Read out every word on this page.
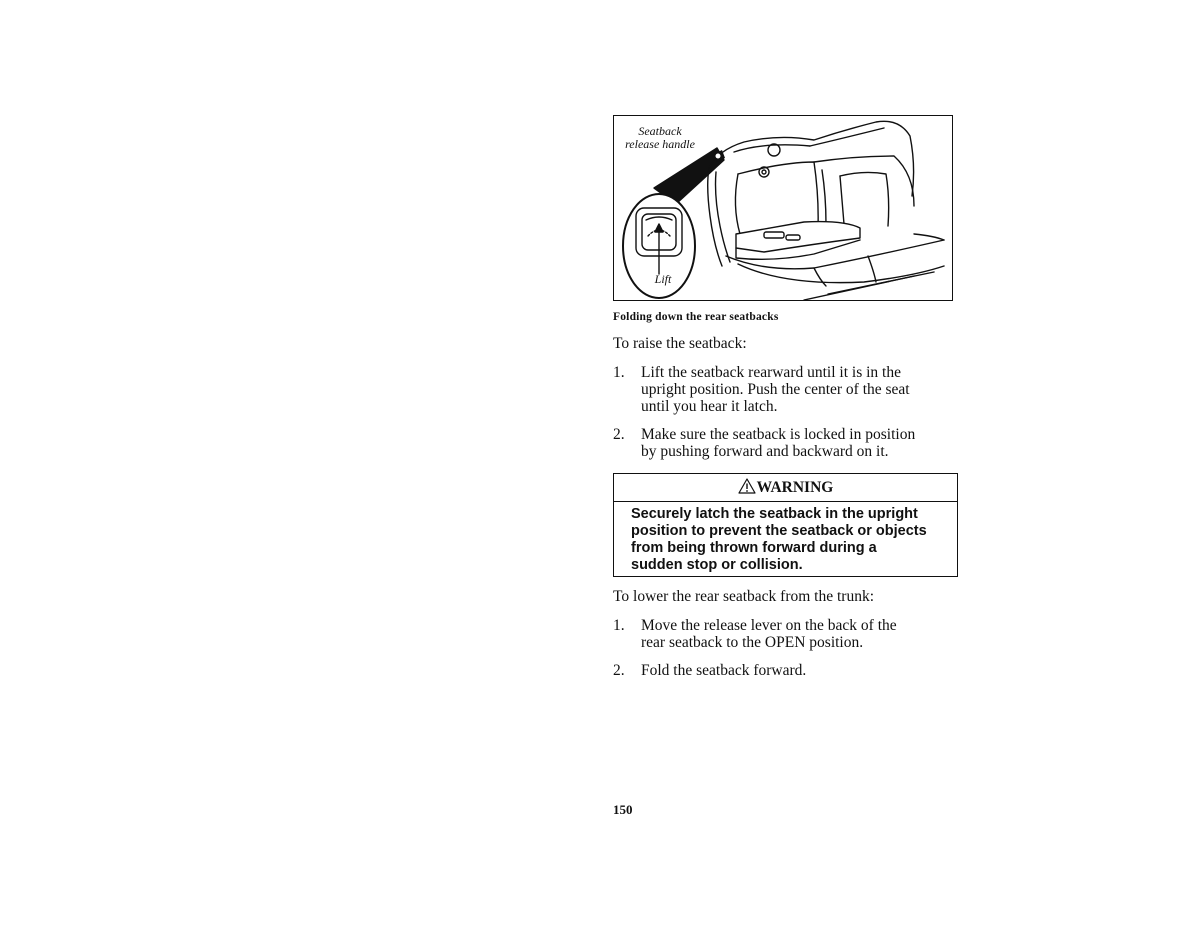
Seatback
release handle
Lift
Folding down the rear seatbacks

To raise the seatback:

1. Lift the seatback rearward until it is in the
upright position. Push the center of the seat
until you hear it latch.
2. Make sure the seatback is locked in position
by pushing forward and backward on it.
WARNING
Securely latch the seatback in the upright
position to prevent the seatback or objects
from being thrown forward during a
sudden stop or collision.

To lower the rear seatback from the trunk:

1. Move the release lever on the back of the
rear seatback to the OPEN position.
2. Fold the seatback forward.
150
